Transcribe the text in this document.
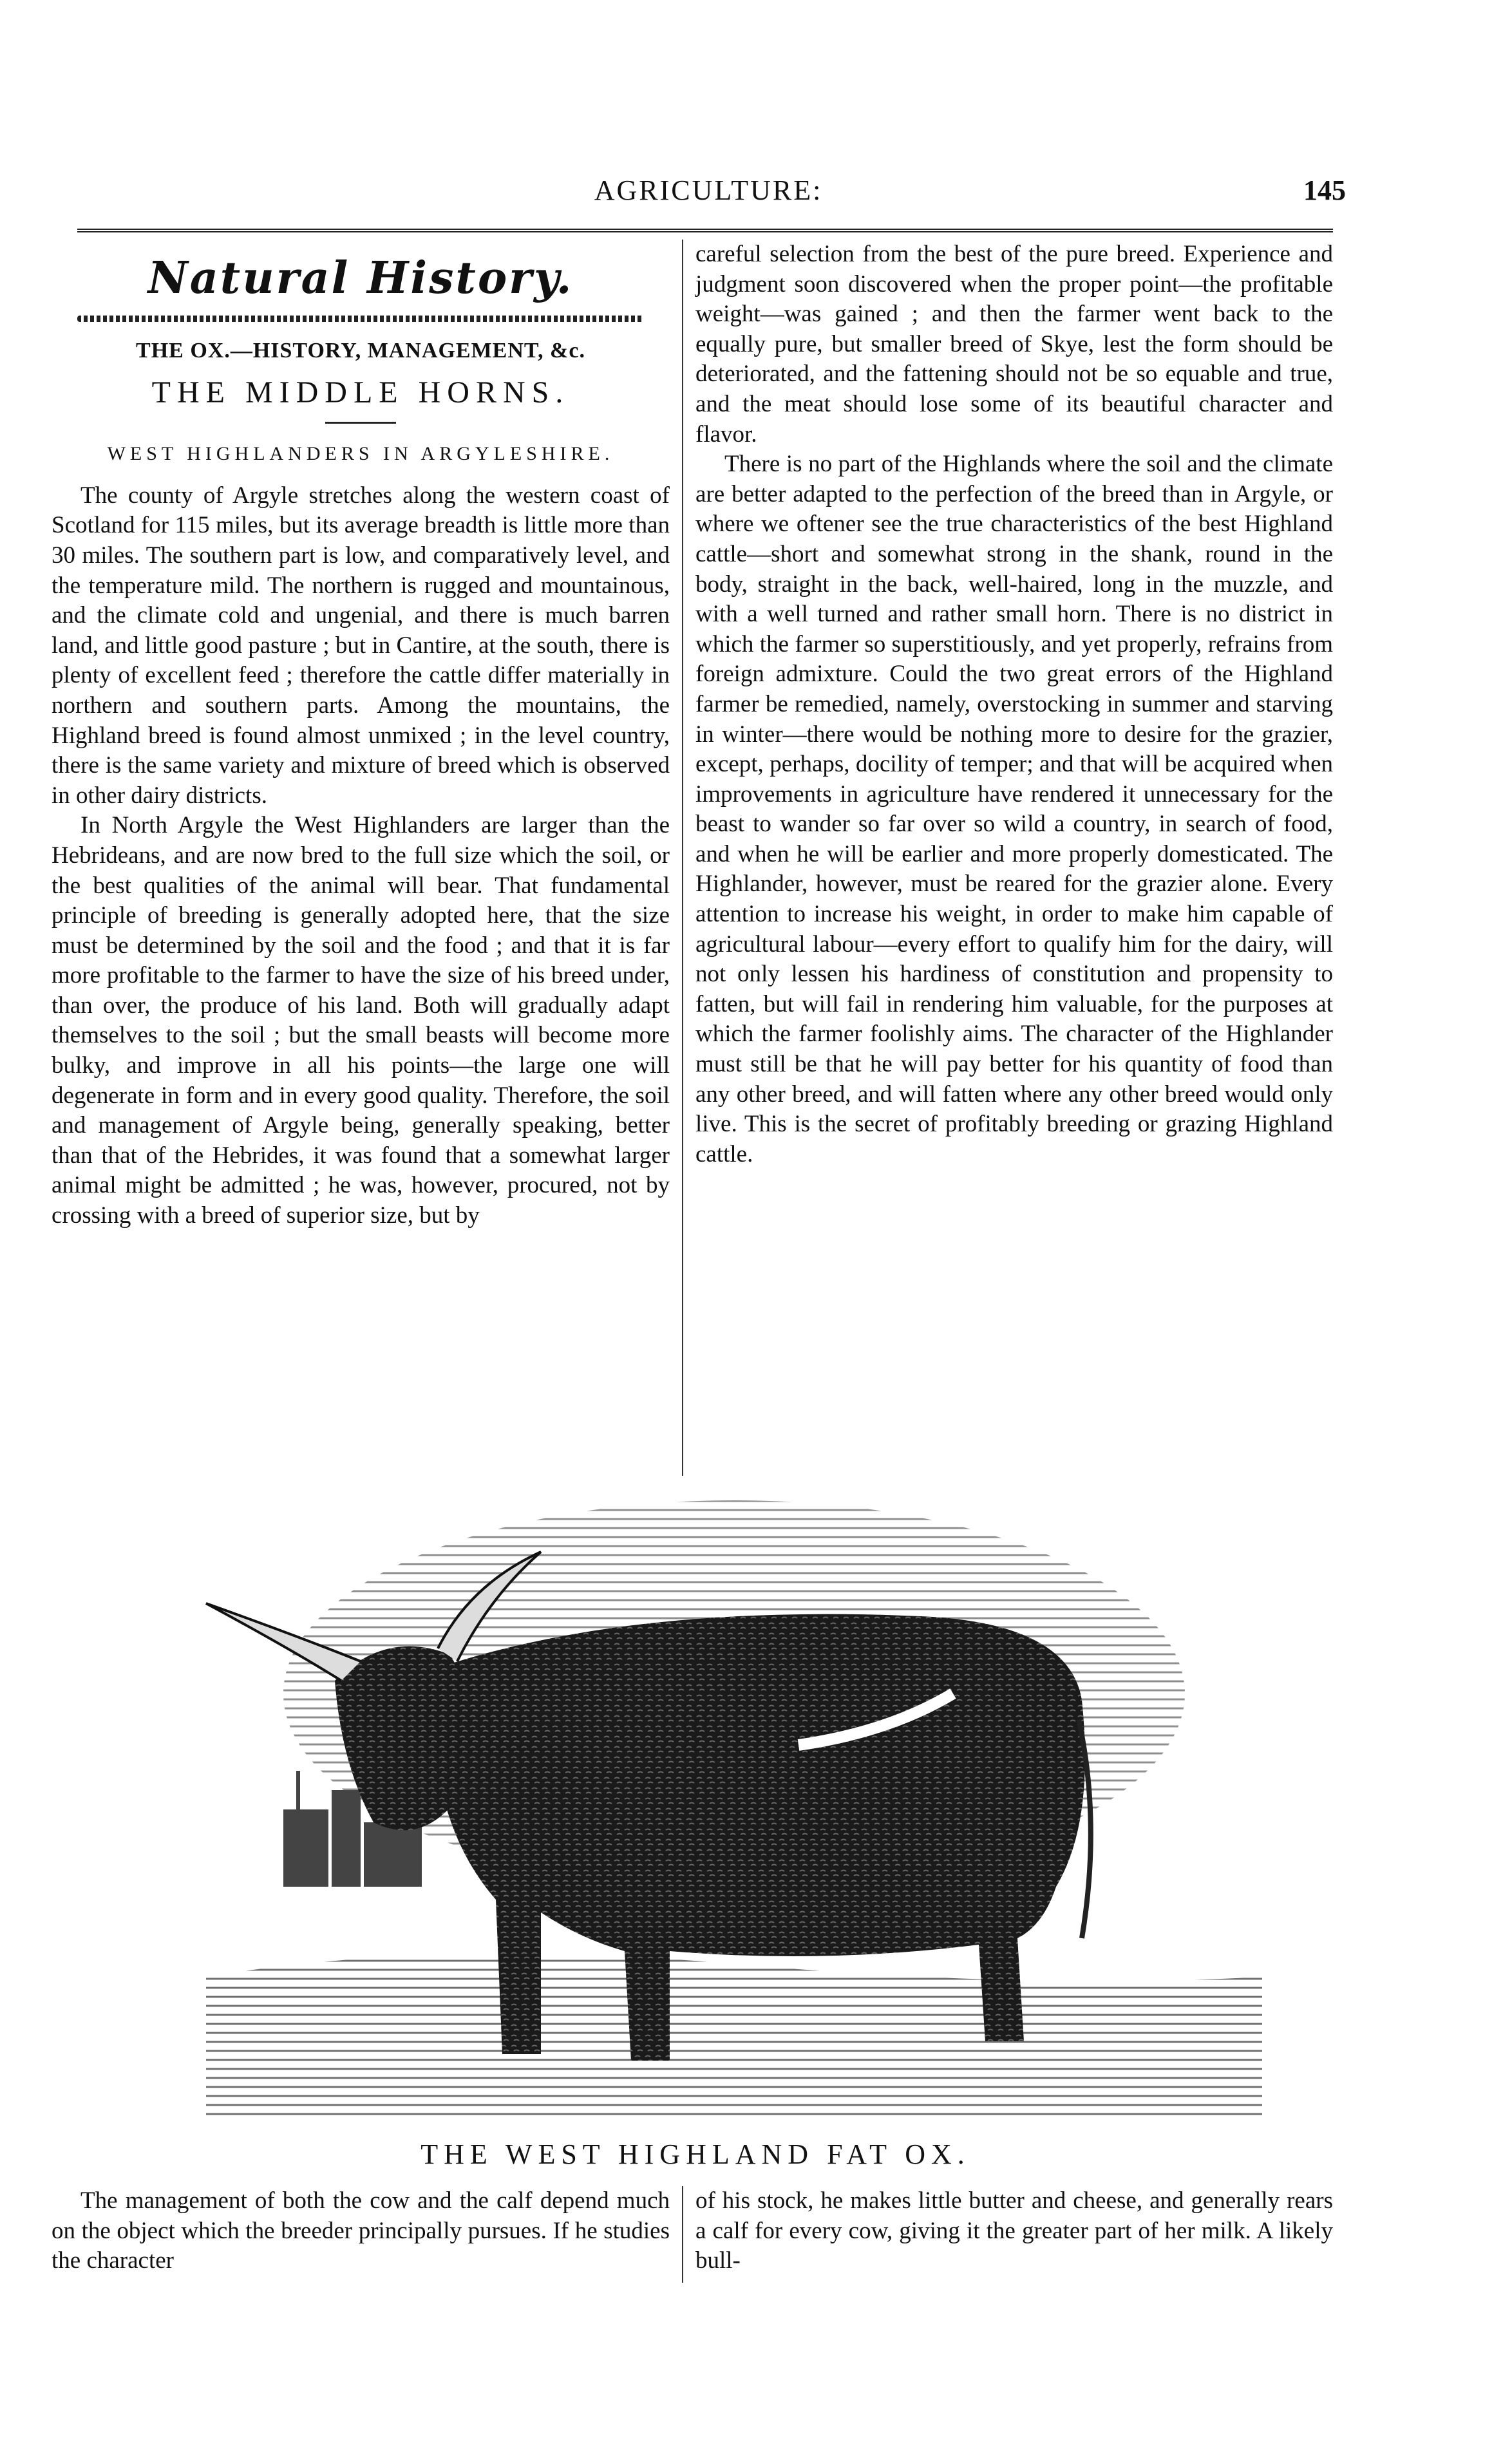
AGRICULTURE:	145
Natural History.
THE OX.—HISTORY, MANAGEMENT, &c.
THE MIDDLE HORNS.
WEST HIGHLANDERS IN ARGYLESHIRE.

The county of Argyle stretches along the western coast of Scotland for 115 miles, but its average breadth is little more than 30 miles. The southern part is low, and comparatively level, and the temperature mild. The northern is rugged and mountainous, and the climate cold and ungenial, and there is much barren land, and little good pasture ; but in Cantire, at the south, there is plenty of excellent feed ; therefore the cattle differ materially in northern and southern parts. Among the mountains, the Highland breed is found almost unmixed ; in the level country, there is the same variety and mixture of breed which is observed in other dairy districts.

In North Argyle the West Highlanders are larger than the Hebrideans, and are now bred to the full size which the soil, or the best qualities of the animal will bear. That fundamental principle of breeding is generally adopted here, that the size must be determined by the soil and the food ; and that it is far more profitable to the farmer to have the size of his breed under, than over, the produce of his land. Both will gradually adapt themselves to the soil ; but the small beasts will become more bulky, and improve in all his points—the large one will degenerate in form and in every good quality. Therefore, the soil and management of Argyle being, generally speaking, better than that of the Hebrides, it was found that a somewhat larger animal might be admitted ; he was, however, procured, not by crossing with a breed of superior size, but by

careful selection from the best of the pure breed. Experience and judgment soon discovered when the proper point—the profitable weight—was gained ; and then the farmer went back to the equally pure, but smaller breed of Skye, lest the form should be deteriorated, and the fattening should not be so equable and true, and the meat should lose some of its beautiful character and flavor.

There is no part of the Highlands where the soil and the climate are better adapted to the perfection of the breed than in Argyle, or where we oftener see the true characteristics of the best Highland cattle—short and somewhat strong in the shank, round in the body, straight in the back, well-haired, long in the muzzle, and with a well turned and rather small horn. There is no district in which the farmer so superstitiously, and yet properly, refrains from foreign admixture. Could the two great errors of the Highland farmer be remedied, namely, overstocking in summer and starving in winter—there would be nothing more to desire for the grazier, except, perhaps, docility of temper; and that will be acquired when improvements in agriculture have rendered it unnecessary for the beast to wander so far over so wild a country, in search of food, and when he will be earlier and more properly domesticated. The Highlander, however, must be reared for the grazier alone. Every attention to increase his weight, in order to make him capable of agricultural labour—every effort to qualify him for the dairy, will not only lessen his hardiness of constitution and propensity to fatten, but will fail in rendering him valuable, for the purposes at which the farmer foolishly aims. The character of the Highlander must still be that he will pay better for his quantity of food than any other breed, and will fatten where any other breed would only live. This is the secret of profitably breeding or grazing Highland cattle.

THE WEST HIGHLAND FAT OX.

The management of both the cow and the calf depend much on the object which the breeder principally pursues. If he studies the character

of his stock, he makes little butter and cheese, and generally rears a calf for every cow, giving it the greater part of her milk. A likely bull-
